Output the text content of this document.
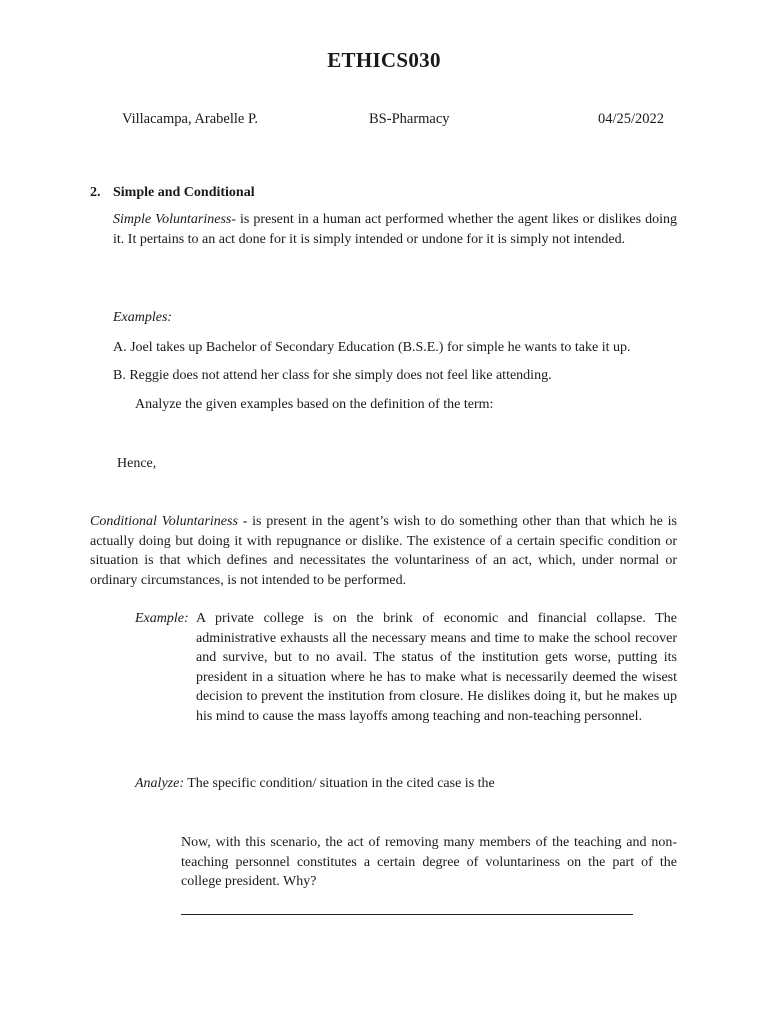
ETHICS030
Villacampa, Arabelle P.	BS-Pharmacy	04/25/2022
2. Simple and Conditional
Simple Voluntariness- is present in a human act performed whether the agent likes or dislikes doing it. It pertains to an act done for it is simply intended or undone for it is simply not intended.
Examples:
A. Joel takes up Bachelor of Secondary Education (B.S.E.) for simple he wants to take it up.
B. Reggie does not attend her class for she simply does not feel like attending.
Analyze the given examples based on the definition of the term:
Hence,
Conditional Voluntariness - is present in the agent’s wish to do something other than that which he is actually doing but doing it with repugnance or dislike. The existence of a certain specific condition or situation is that which defines and necessitates the voluntariness of an act, which, under normal or ordinary circumstances, is not intended to be performed.
Example: A private college is on the brink of economic and financial collapse. The administrative exhausts all the necessary means and time to make the school recover and survive, but to no avail. The status of the institution gets worse, putting its president in a situation where he has to make what is necessarily deemed the wisest decision to prevent the institution from closure. He dislikes doing it, but he makes up his mind to cause the mass layoffs among teaching and non-teaching personnel.
Analyze: The specific condition/ situation in the cited case is the
Now, with this scenario, the act of removing many members of the teaching and non-teaching personnel constitutes a certain degree of voluntariness on the part of the college president. Why?
